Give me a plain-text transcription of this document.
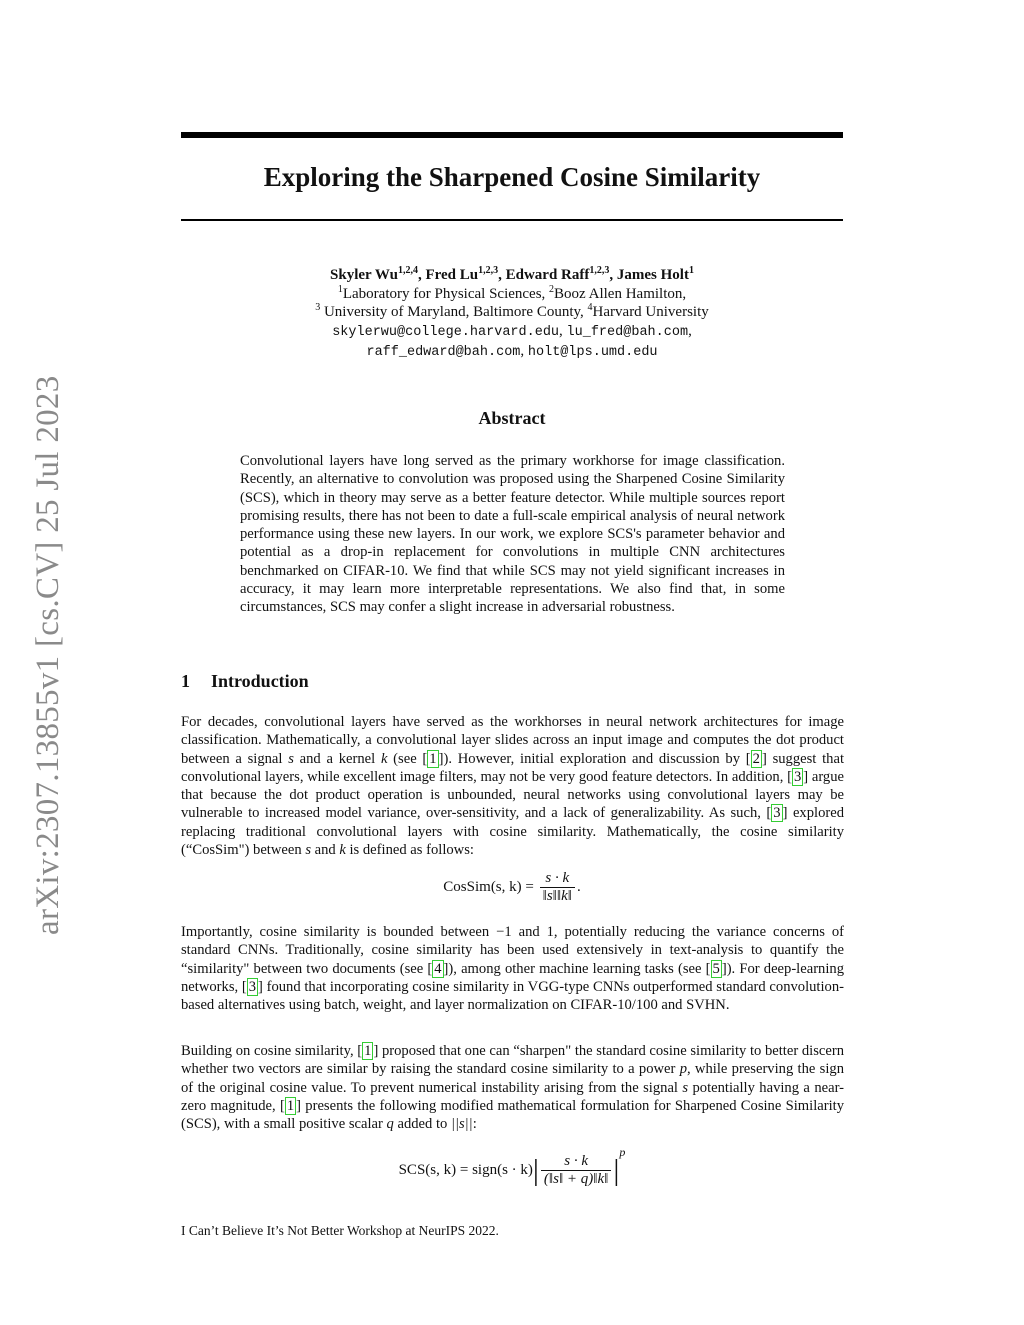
arXiv:2307.13855v1 [cs.CV] 25 Jul 2023
Exploring the Sharpened Cosine Similarity
Skyler Wu$^{1,2,4}$, Fred Lu$^{1,2,3}$, Edward Raff$^{1,2,3}$, James Holt$^1$
$^1$Laboratory for Physical Sciences, $^2$Booz Allen Hamilton,
$^3$ University of Maryland, Baltimore County, $^4$Harvard University
skylerwu@college.harvard.edu, lu_fred@bah.com,
raff_edward@bah.com, holt@lps.umd.edu
Abstract
Convolutional layers have long served as the primary workhorse for image classification. Recently, an alternative to convolution was proposed using the Sharpened Cosine Similarity (SCS), which in theory may serve as a better feature detector. While multiple sources report promising results, there has not been to date a full-scale empirical analysis of neural network performance using these new layers. In our work, we explore SCS's parameter behavior and potential as a drop-in replacement for convolutions in multiple CNN architectures benchmarked on CIFAR-10. We find that while SCS may not yield significant increases in accuracy, it may learn more interpretable representations. We also find that, in some circumstances, SCS may confer a slight increase in adversarial robustness.
1 Introduction
For decades, convolutional layers have served as the workhorses in neural network architectures for image classification. Mathematically, a convolutional layer slides across an input image and computes the dot product between a signal s and a kernel k (see [ 1 ]). However, initial exploration and discussion by [ 2 ] suggest that convolutional layers, while excellent image filters, may not be very good feature detectors. In addition, [ 3 ] argue that because the dot product operation is unbounded, neural networks using convolutional layers may be vulnerable to increased model variance, over-sensitivity, and a lack of generalizability. As such, [ 3 ] explored replacing traditional convolutional layers with cosine similarity. Mathematically, the cosine similarity (“CosSim") between s and k is defined as follows:
CosSim(s, $k) = \frac{s \cdot k}{‖s‖‖k‖}$ .
Importantly, cosine similarity is bounded between −1 and 1, potentially reducing the variance concerns of standard CNNs. Traditionally, cosine similarity has been used extensively in text-analysis to quantify the “similarity" between two documents (see [ 4 ]), among other machine learning tasks (see [ 5 ]). For deep-learning networks, [ 3 ] found that incorporating cosine similarity in VGG-type CNNs outperformed standard convolution-based alternatives using batch, weight, and layer normalization on CIFAR-10/100 and SVHN.
Building on cosine similarity, [ 1 ] proposed that one can “sharpen" the standard cosine similarity to better discern whether two vectors are similar by raising the standard cosine similarity to a power p, while preserving the sign of the original cosine value. To prevent numerical instability arising from the signal s potentially having a near-zero magnitude, [ 1 ] presents the following modified mathematical formulation for Sharpened Cosine Similarity (SCS), with a small positive scalar q added to ||s||:
SCS(s, k) = sign(s · $k)| \frac{s \cdot k}{(‖s‖ + q)‖k‖} |^p$
I Can’t Believe It’s Not Better Workshop at NeurIPS 2022.
